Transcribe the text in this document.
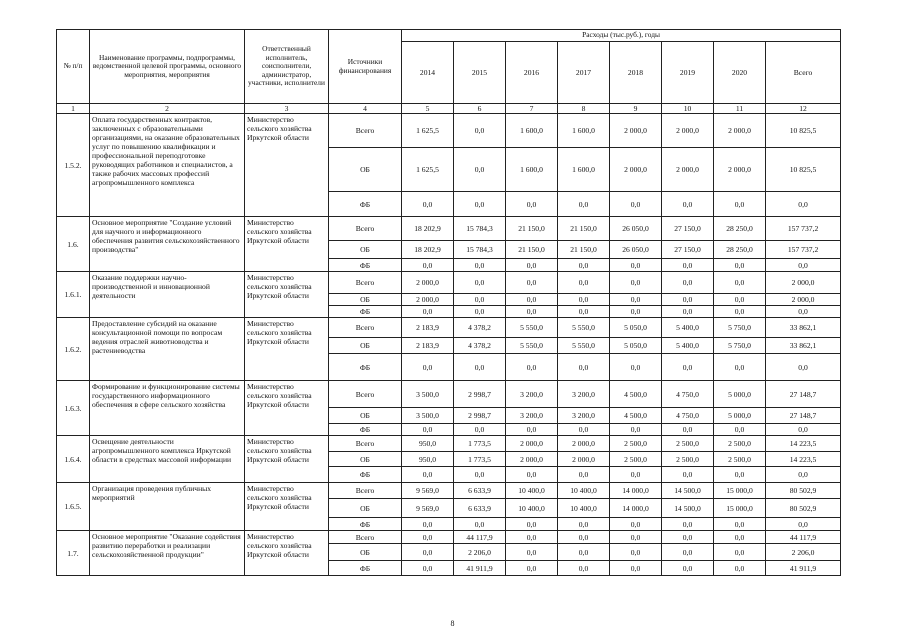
№ п/п	Наименование программы, подпрограммы, ведомственной целевой программы, основного мероприятия, мероприятия	Ответственный исполнитель, соисполнители, администратор, участники, исполнители	Источники финансирования	Расходы (тыс.руб.), годы							
				2014	2015	2016	2017	2018	2019	2020	Всего
1	2	3	4	5	6	7	8	9	10	11	12
1.5.2.	Оплата государственных контрактов, заключенных с образовательными организациями, на оказание образовательных услуг по повышению квалификации и профессиональной переподготовке руководящих работников и специалистов, а также рабочих массовых профессий агропромышленного комплекса	Министерство сельского хозяйства Иркутской области	Всего	1 625,5	0,0	1 600,0	1 600,0	2 000,0	2 000,0	2 000,0	10 825,5
			ОБ	1 625,5	0,0	1 600,0	1 600,0	2 000,0	2 000,0	2 000,0	10 825,5
			ФБ	0,0	0,0	0,0	0,0	0,0	0,0	0,0	0,0
1.6.	Основное мероприятие "Создание условий для научного и информационного обеспечения развития сельскохозяйственного производства"	Министерство сельского хозяйства Иркутской области	Всего	18 202,9	15 784,3	21 150,0	21 150,0	26 050,0	27 150,0	28 250,0	157 737,2
			ОБ	18 202,9	15 784,3	21 150,0	21 150,0	26 050,0	27 150,0	28 250,0	157 737,2
			ФБ	0,0	0,0	0,0	0,0	0,0	0,0	0,0	0,0
1.6.1.	Оказание поддержки научно-производственной и инновационной деятельности	Министерство сельского хозяйства Иркутской области	Всего	2 000,0	0,0	0,0	0,0	0,0	0,0	0,0	2 000,0
			ОБ	2 000,0	0,0	0,0	0,0	0,0	0,0	0,0	2 000,0
			ФБ	0,0	0,0	0,0	0,0	0,0	0,0	0,0	0,0
1.6.2.	Предоставление субсидий на оказание консультационной помощи по вопросам ведения отраслей животноводства и растениеводства	Министерство сельского хозяйства Иркутской области	Всего	2 183,9	4 378,2	5 550,0	5 550,0	5 050,0	5 400,0	5 750,0	33 862,1
			ОБ	2 183,9	4 378,2	5 550,0	5 550,0	5 050,0	5 400,0	5 750,0	33 862,1
			ФБ	0,0	0,0	0,0	0,0	0,0	0,0	0,0	0,0
1.6.3.	Формирование и функционирование системы государственного информационного обеспечения в сфере сельского хозяйства	Министерство сельского хозяйства Иркутской области	Всего	3 500,0	2 998,7	3 200,0	3 200,0	4 500,0	4 750,0	5 000,0	27 148,7
			ОБ	3 500,0	2 998,7	3 200,0	3 200,0	4 500,0	4 750,0	5 000,0	27 148,7
			ФБ	0,0	0,0	0,0	0,0	0,0	0,0	0,0	0,0
1.6.4.	Освещение деятельности агропромышленного комплекса Иркутской области в средствах массовой информации	Министерство сельского хозяйства Иркутской области	Всего	950,0	1 773,5	2 000,0	2 000,0	2 500,0	2 500,0	2 500,0	14 223,5
			ОБ	950,0	1 773,5	2 000,0	2 000,0	2 500,0	2 500,0	2 500,0	14 223,5
			ФБ	0,0	0,0	0,0	0,0	0,0	0,0	0,0	0,0
1.6.5.	Организация проведения публичных мероприятий	Министерство сельского хозяйства Иркутской области	Всего	9 569,0	6 633,9	10 400,0	10 400,0	14 000,0	14 500,0	15 000,0	80 502,9
			ОБ	9 569,0	6 633,9	10 400,0	10 400,0	14 000,0	14 500,0	15 000,0	80 502,9
			ФБ	0,0	0,0	0,0	0,0	0,0	0,0	0,0	0,0
1.7.	Основное мероприятие "Оказание содействия развитию переработки и реализации сельскохозяйственной продукции"	Министерство сельского хозяйства Иркутской области	Всего	0,0	44 117,9	0,0	0,0	0,0	0,0	0,0	44 117,9
			ОБ	0,0	2 206,0	0,0	0,0	0,0	0,0	0,0	2 206,0
			ФБ	0,0	41 911,9	0,0	0,0	0,0	0,0	0,0	41 911,9
8
